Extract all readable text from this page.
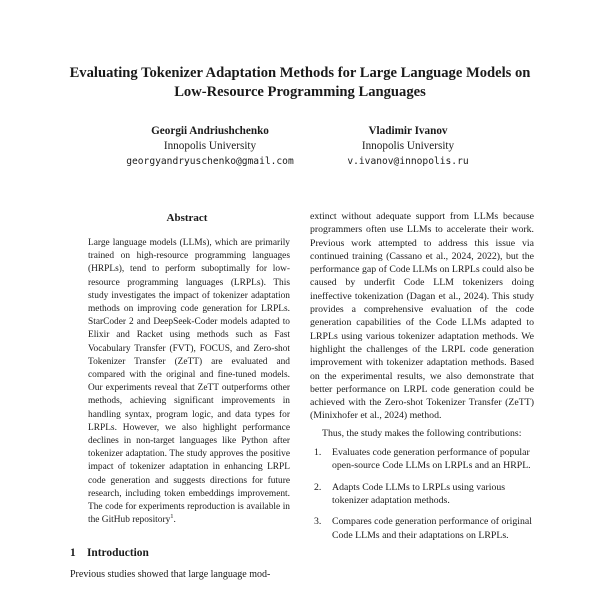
Evaluating Tokenizer Adaptation Methods for Large Language Models on
Low-Resource Programming Languages
Georgii Andriushchenko
Innopolis University
georgyandryuschenko@gmail.com
Vladimir Ivanov
Innopolis University
v.ivanov@innopolis.ru
Abstract
Large language models (LLMs), which are primarily trained on high-resource programming languages (HRPLs), tend to perform suboptimally for low-resource programming languages (LRPLs). This study investigates the impact of tokenizer adaptation methods on improving code generation for LRPLs. StarCoder 2 and DeepSeek-Coder models adapted to Elixir and Racket using methods such as Fast Vocabulary Transfer (FVT), FOCUS, and Zero-shot Tokenizer Transfer (ZeTT) are evaluated and compared with the original and fine-tuned models. Our experiments reveal that ZeTT outperforms other methods, achieving significant improvements in handling syntax, program logic, and data types for LRPLs. However, we also highlight performance declines in non-target languages like Python after tokenizer adaptation. The study approves the positive impact of tokenizer adaptation in enhancing LRPL code generation and suggests directions for future research, including token embeddings improvement. The code for experiments reproduction is available in the GitHub repository$^1$.
1 Introduction
Previous studies showed that large language mod-

extinct without adequate support from LLMs because programmers often use LLMs to accelerate their work. Previous work attempted to address this issue via continued training (Cassano et al., 2024, 2022), but the performance gap of Code LLMs on LRPLs could also be caused by underfit Code LLM tokenizers doing ineffective tokenization (Dagan et al., 2024). This study provides a comprehensive evaluation of the code generation capabilities of the Code LLMs adapted to LRPLs using various tokenizer adaptation methods. We highlight the challenges of the LRPL code generation improvement with tokenizer adaptation methods. Based on the experimental results, we also demonstrate that better performance on LRPL code generation could be achieved with the Zero-shot Tokenizer Transfer (ZeTT) (Minixhofer et al., 2024) method.

Thus, the study makes the following contributions:

1.	Evaluates code generation performance of popular open-source Code LLMs on LRPLs and an HRPL.
2.	Adapts Code LLMs to LRPLs using various tokenizer adaptation methods.
3.	Compares code generation performance of original Code LLMs and their adaptations on LRPLs.
